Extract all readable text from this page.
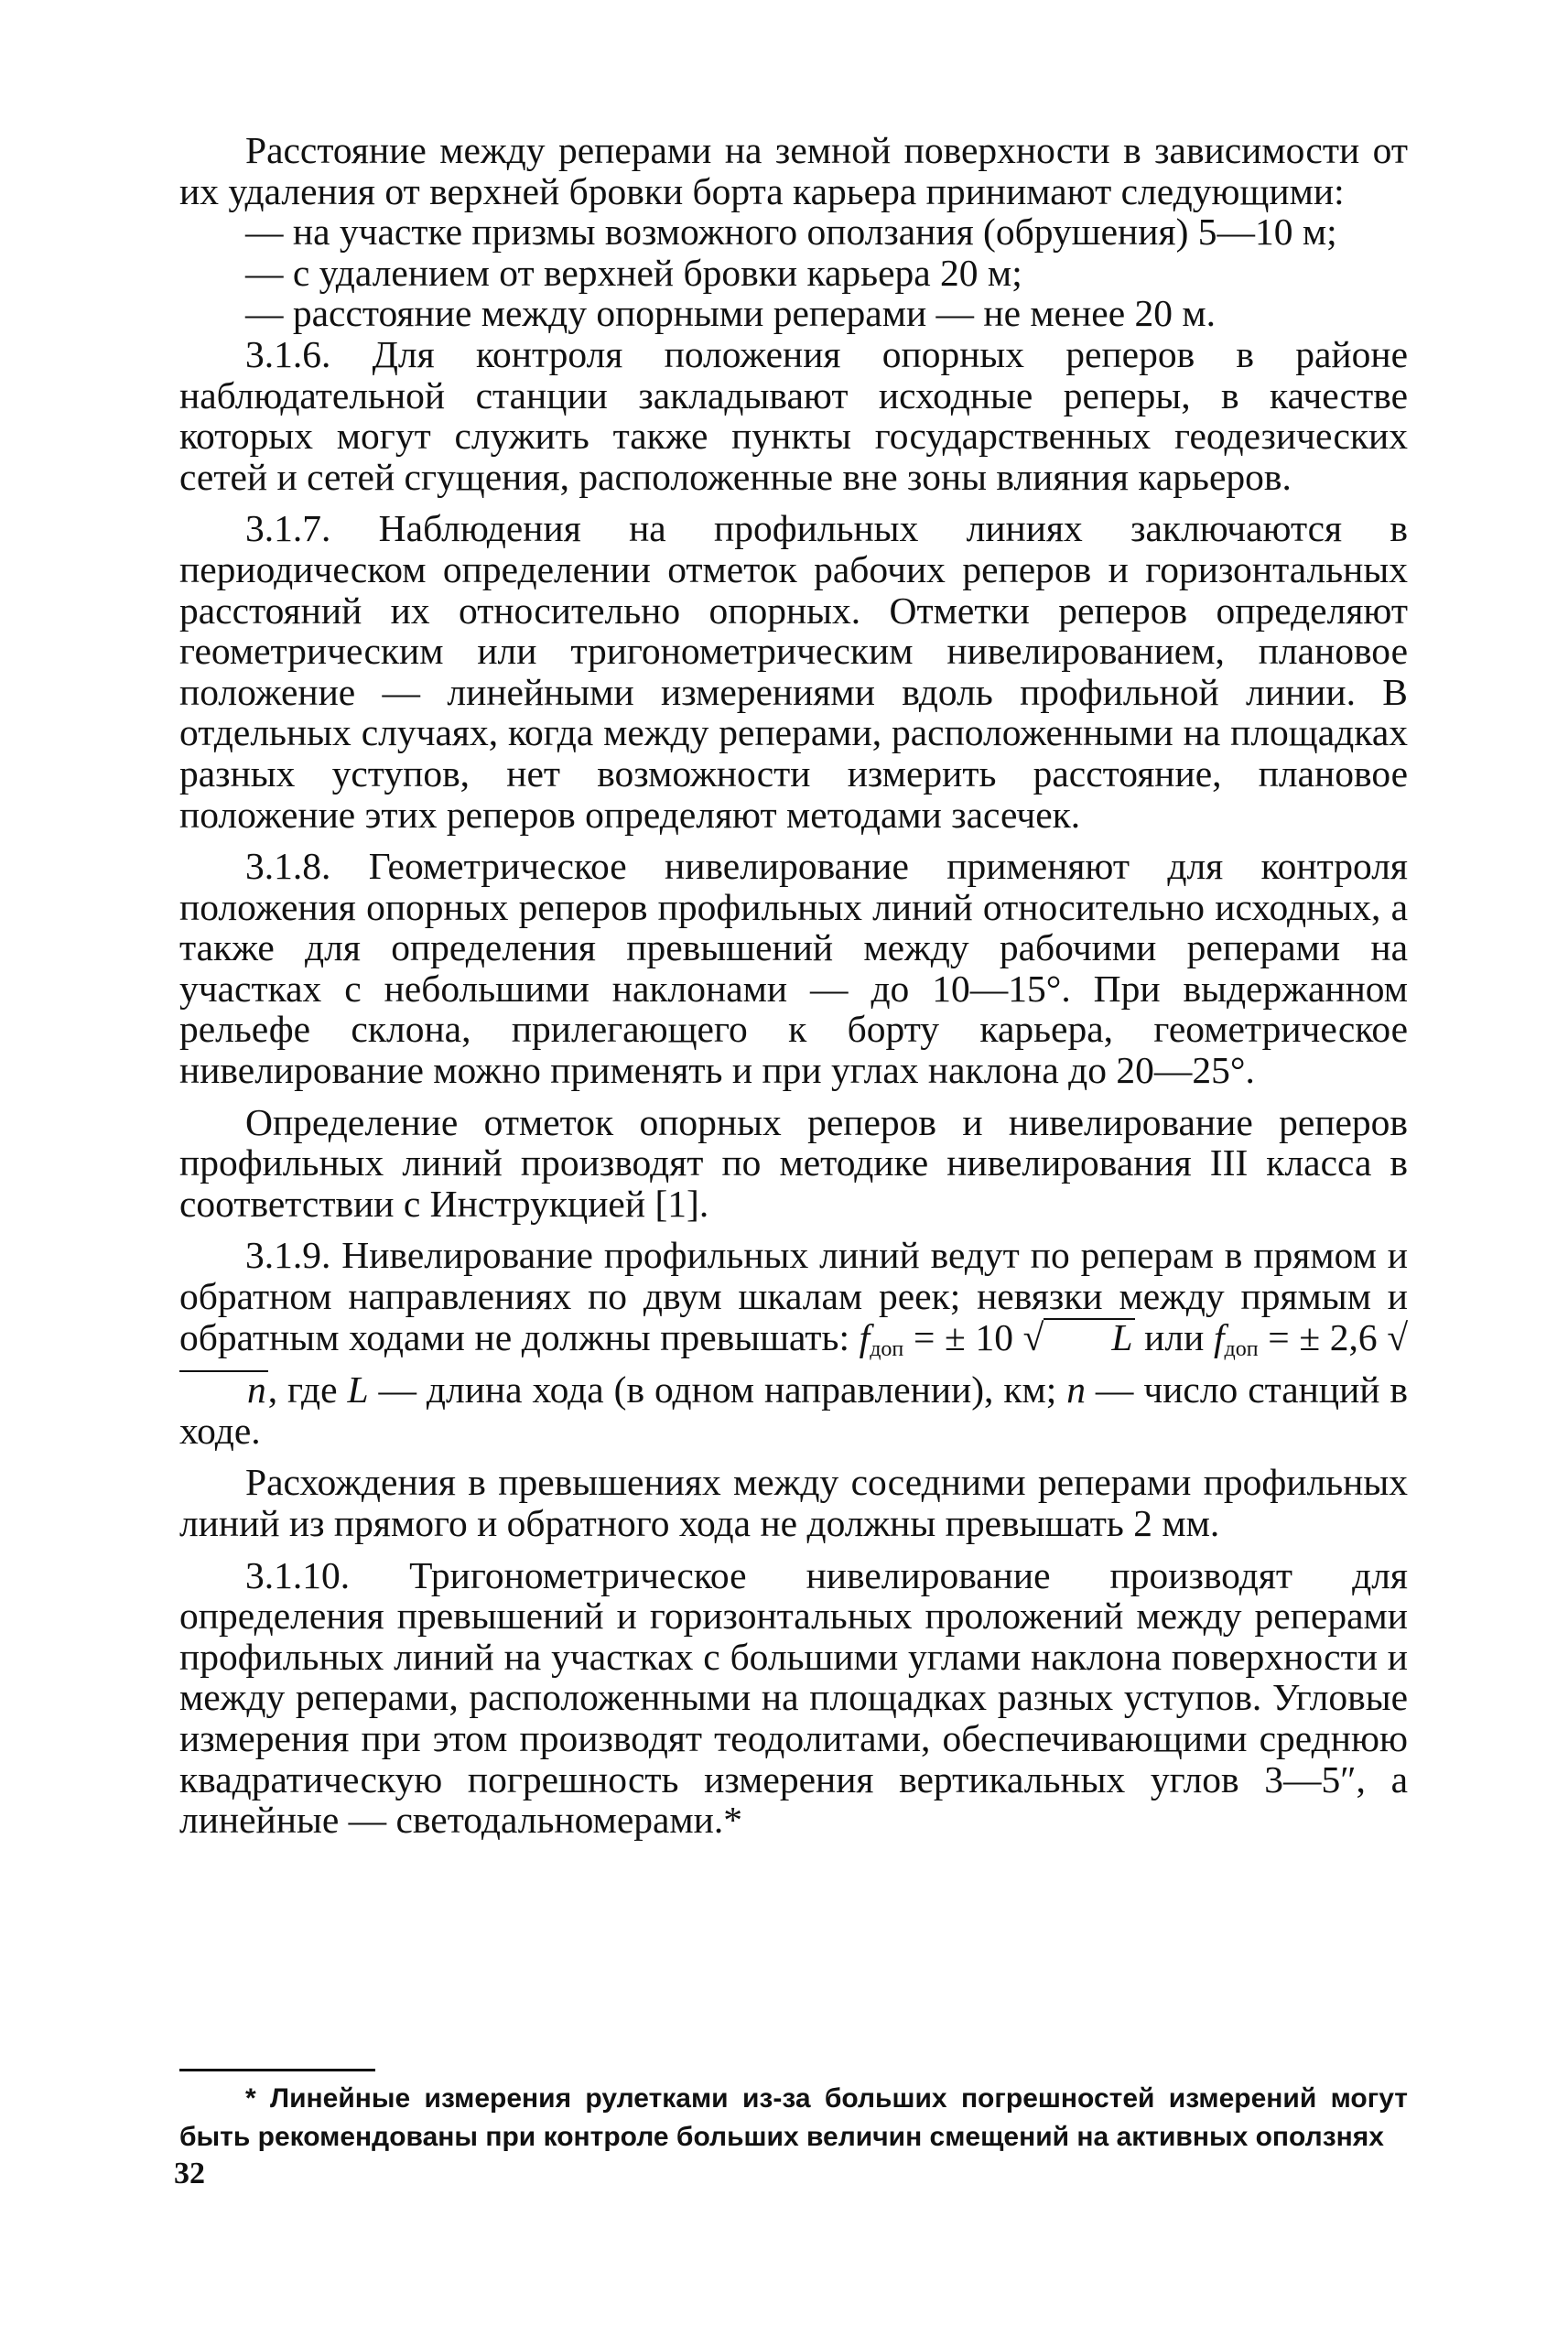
Расстояние между реперами на земной поверхности в зависимости от их удаления от верхней бровки борта карьера принимают следующими:

— на участке призмы возможного оползания (обрушения) 5—10 м;

— с удалением от верхней бровки карьера 20 м;

— расстояние между опорными реперами — не менее 20 м.

3.1.6. Для контроля положения опорных реперов в районе наблюдательной станции закладывают исходные реперы, в качестве которых могут служить также пункты государственных геодезических сетей и сетей сгущения, расположенные вне зоны влияния карьеров.

3.1.7. Наблюдения на профильных линиях заключаются в периодическом определении отметок рабочих реперов и горизонтальных расстояний их относительно опорных. Отметки реперов определяют геометрическим или тригонометрическим нивелированием, плановое положение — линейными измерениями вдоль профильной линии. В отдельных случаях, когда между реперами, расположенными на площадках разных уступов, нет возможности измерить расстояние, плановое положение этих реперов определяют методами засечек.

3.1.8. Геометрическое нивелирование применяют для контроля положения опорных реперов профильных линий относительно исходных, а также для определения превышений между рабочими реперами на участках с небольшими наклонами — до 10—15°. При выдержанном рельефе склона, прилегающего к борту карьера, геометрическое нивелирование можно применять и при углах наклона до 20—25°.

Определение отметок опорных реперов и нивелирование реперов профильных линий производят по методике нивелирования III класса в соответствии с Инструкцией [1].

3.1.9. Нивелирование профильных линий ведут по реперам в прямом и обратном направлениях по двум шкалам реек; невязки между прямым и обратным ходами не должны превышать: $f_{доп}$ = ± 10 √ L или $f_{доп}$ = ± 2,6 √n, где L — длина хода (в одном направлении), км; n — число станций в ходе.

Расхождения в превышениях между соседними реперами профильных линий из прямого и обратного хода не должны превышать 2 мм.

3.1.10. Тригонометрическое нивелирование производят для определения превышений и горизонтальных проложений между реперами профильных линий на участках с большими углами наклона поверхности и между реперами, расположенными на площадках разных уступов. Угловые измерения при этом производят теодолитами, обеспечивающими среднюю квадратическую погрешность измерения вертикальных углов 3—5″, а линейные — светодальномерами.*

* Линейные измерения рулетками из-за больших погрешностей измерений могут быть рекомендованы при контроле больших величин смещений на активных оползнях

32
